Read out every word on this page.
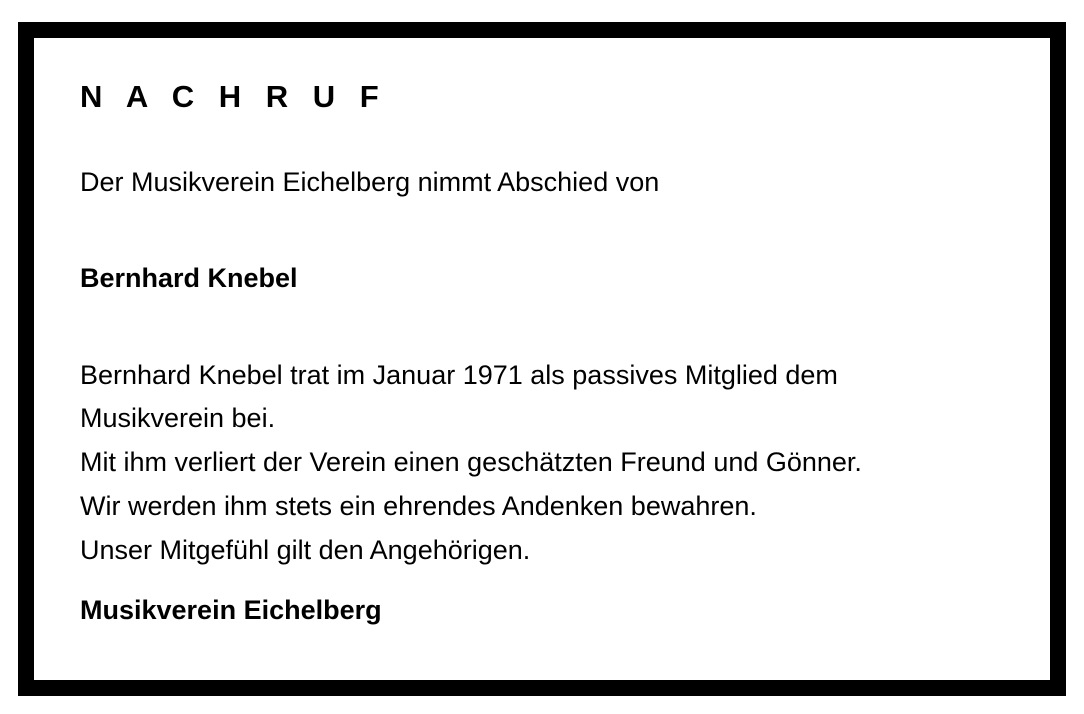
N A C H R U F

Der Musikverein Eichelberg nimmt Abschied von

Bernhard Knebel

Bernhard Knebel trat im Januar 1971 als passives Mitglied dem
Musikverein bei.
Mit ihm verliert der Verein einen geschätzten Freund und Gönner.
Wir werden ihm stets ein ehrendes Andenken bewahren.
Unser Mitgefühl gilt den Angehörigen.

Musikverein Eichelberg
